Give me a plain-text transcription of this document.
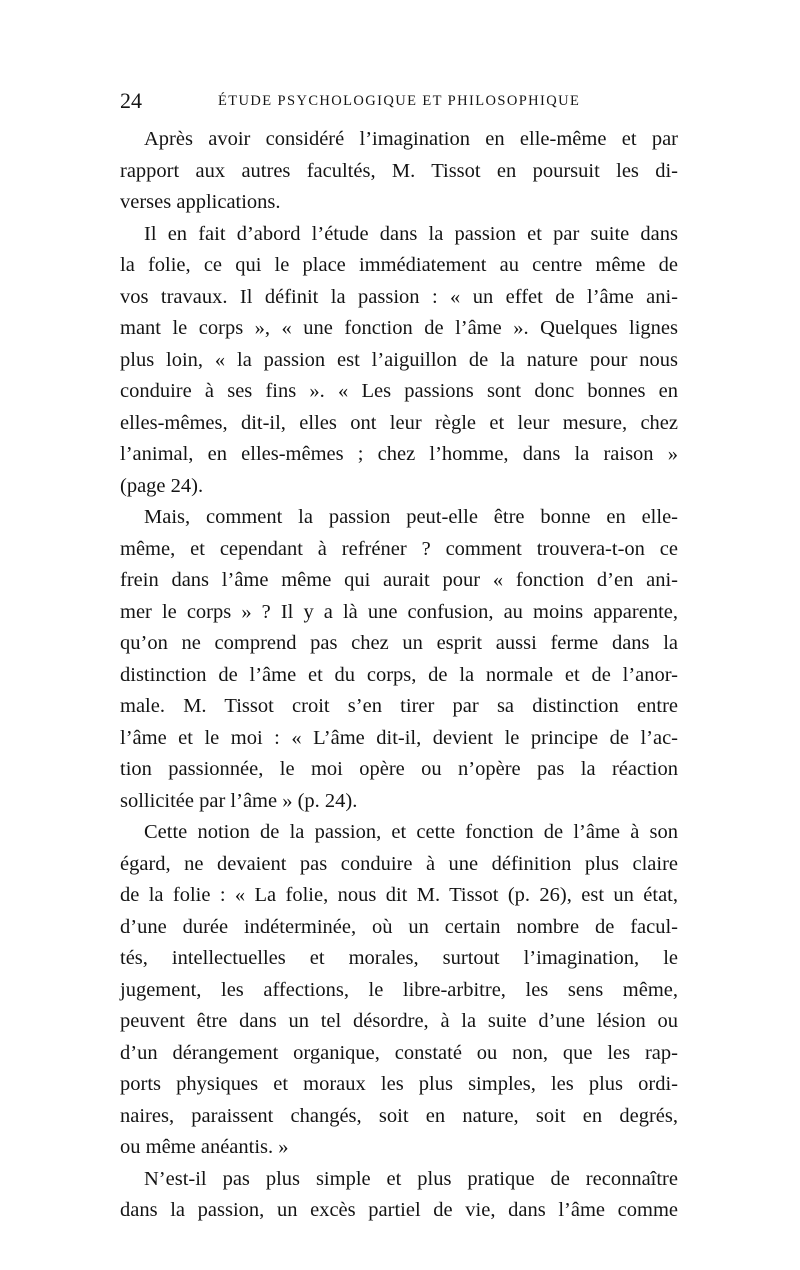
24	ÉTUDE PSYCHOLOGIQUE ET PHILOSOPHIQUE
Après avoir considéré l’imagination en elle-même et par
rapport aux autres facultés, M. Tissot en poursuit les di-
verses applications.
Il en fait d’abord l’étude dans la passion et par suite dans
la folie, ce qui le place immédiatement au centre même de
vos travaux. Il définit la passion : « un effet de l’âme ani-
mant le corps », « une fonction de l’âme ». Quelques lignes
plus loin, « la passion est l’aiguillon de la nature pour nous
conduire à ses fins ». « Les passions sont donc bonnes en
elles-mêmes, dit-il, elles ont leur règle et leur mesure, chez
l’animal, en elles-mêmes ; chez l’homme, dans la raison »
(page 24).
Mais, comment la passion peut-elle être bonne en elle-
même, et cependant à refréner ? comment trouvera-t-on ce
frein dans l’âme même qui aurait pour « fonction d’en ani-
mer le corps » ? Il y a là une confusion, au moins apparente,
qu’on ne comprend pas chez un esprit aussi ferme dans la
distinction de l’âme et du corps, de la normale et de l’anor-
male. M. Tissot croit s’en tirer par sa distinction entre
l’âme et le moi : « L’âme dit-il, devient le principe de l’ac-
tion passionnée, le moi opère ou n’opère pas la réaction
sollicitée par l’âme » (p. 24).
Cette notion de la passion, et cette fonction de l’âme à son
égard, ne devaient pas conduire à une définition plus claire
de la folie : « La folie, nous dit M. Tissot (p. 26), est un état,
d’une durée indéterminée, où un certain nombre de facul-
tés, intellectuelles et morales, surtout l’imagination, le
jugement, les affections, le libre-arbitre, les sens même,
peuvent être dans un tel désordre, à la suite d’une lésion ou
d’un dérangement organique, constaté ou non, que les rap-
ports physiques et moraux les plus simples, les plus ordi-
naires, paraissent changés, soit en nature, soit en degrés,
ou même anéantis. »
N’est-il pas plus simple et plus pratique de reconnaître
dans la passion, un excès partiel de vie, dans l’âme comme
